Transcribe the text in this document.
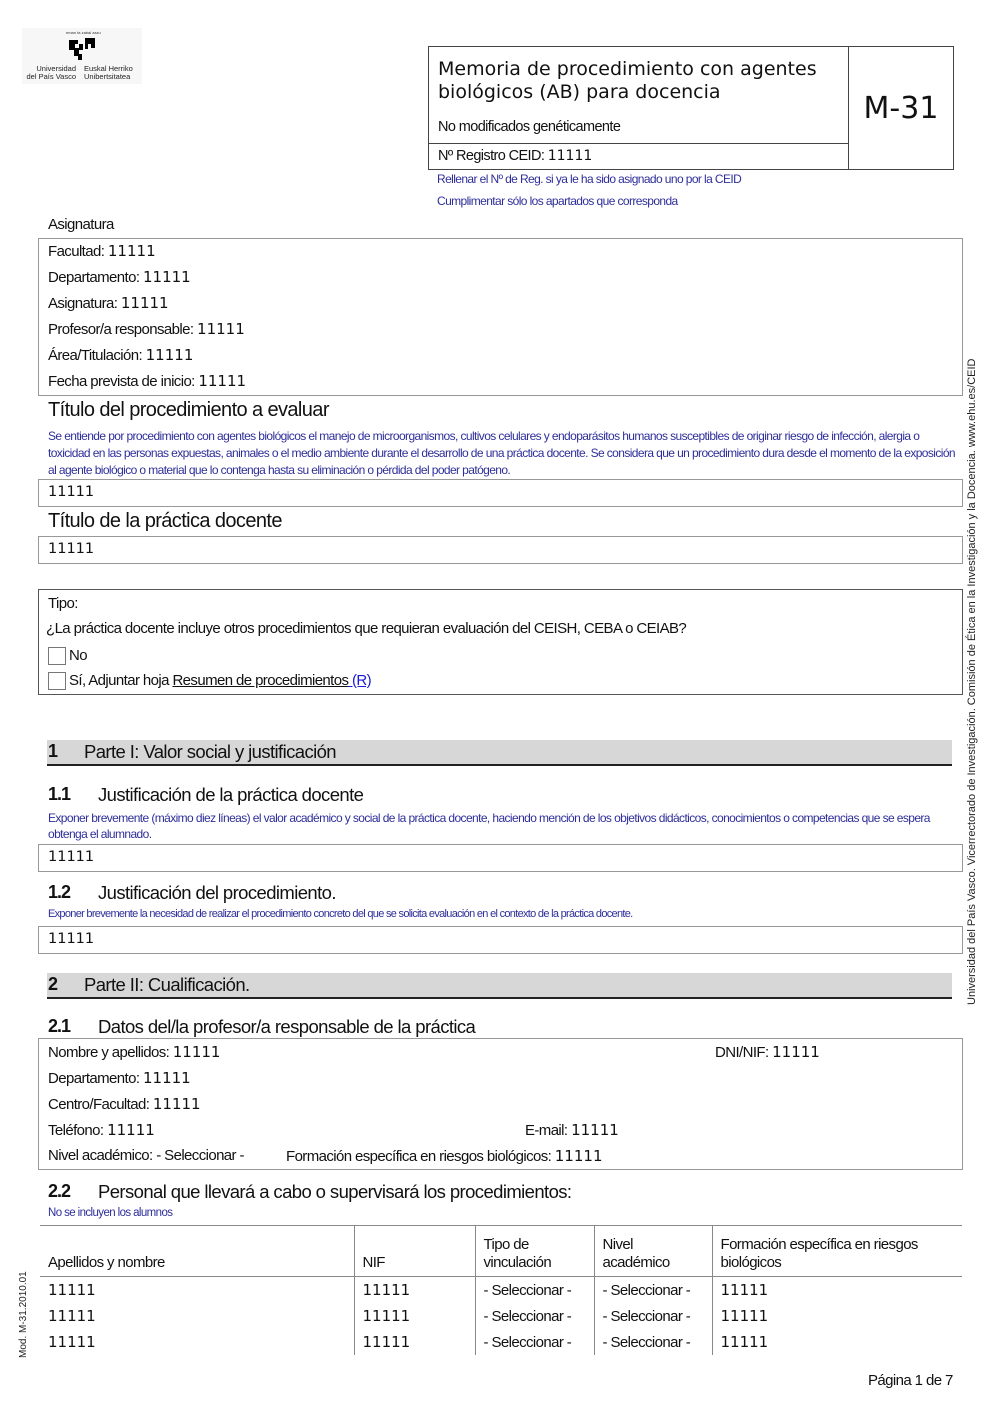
eman ta zabal zazu
Universidad del País Vasco
Euskal Herriko Unibertsitatea	Memoria de procedimiento con agentes biológicos (AB) para docencia
No modificados genéticamente
Nº Registro CEID: 11111
M-31
Rellenar el Nº de Reg. si ya le ha sido asignado uno por la CEID
Cumplimentar sólo los apartados que corresponda
Asignatura
Facultad: 11111
Departamento: 11111
Asignatura: 11111
Profesor/a responsable: 11111
Área/Titulación: 11111
Fecha prevista de inicio: 11111
Título del procedimiento a evaluar
Se entiende por procedimiento con agentes biológicos el manejo de microorganismos, cultivos celulares y endoparásitos humanos susceptibles de originar riesgo de infección, alergia o toxicidad en las personas expuestas, animales o el medio ambiente durante el desarrollo de una práctica docente. Se considera que un procedimiento dura desde el momento de la exposición al agente biológico o material que lo contenga hasta su eliminación o pérdida del poder patógeno.
11111
Título de la práctica docente
11111
Tipo:
¿La práctica docente incluye otros procedimientos que requieran evaluación del CEISH, CEBA o CEIAB?
No
Sí, Adjuntar hoja Resumen de procedimientos (R)
1 Parte I: Valor social y justificación
1.1 Justificación de la práctica docente
Exponer brevemente (máximo diez líneas) el valor académico y social de la práctica docente, haciendo mención de los objetivos didácticos, conocimientos o competencias que se espera obtenga el alumnado.
11111
1.2 Justificación del procedimiento.
Exponer brevemente la necesidad de realizar el procedimiento concreto del que se solicita evaluación en el contexto de la práctica docente.
11111
2 Parte II: Cualificación.
2.1 Datos del/la profesor/a responsable de la práctica
Nombre y apellidos: 11111	DNI/NIF: 11111
Departamento: 11111
Centro/Facultad: 11111
Teléfono: 11111	E-mail: 11111
Nivel académico: - Seleccionar -	Formación específica en riesgos biológicos: 11111
2.2 Personal que llevará a cabo o supervisará los procedimientos:
No se incluyen los alumnos
Apellidos y nombre	NIF	Tipo de vinculación	Nivel académico	Formación específica en riesgos biológicos
11111	11111	- Seleccionar -	- Seleccionar -	11111
11111	11111	- Seleccionar -	- Seleccionar -	11111
11111	11111	- Seleccionar -	- Seleccionar -	11111
Universidad del País Vasco. Vicerrectorado de Investigación. Comisión de Ética en la Investigación y la Docencia. www.ehu.es/CEID
Mod. M-31.2010.01
Página 1 de 7
